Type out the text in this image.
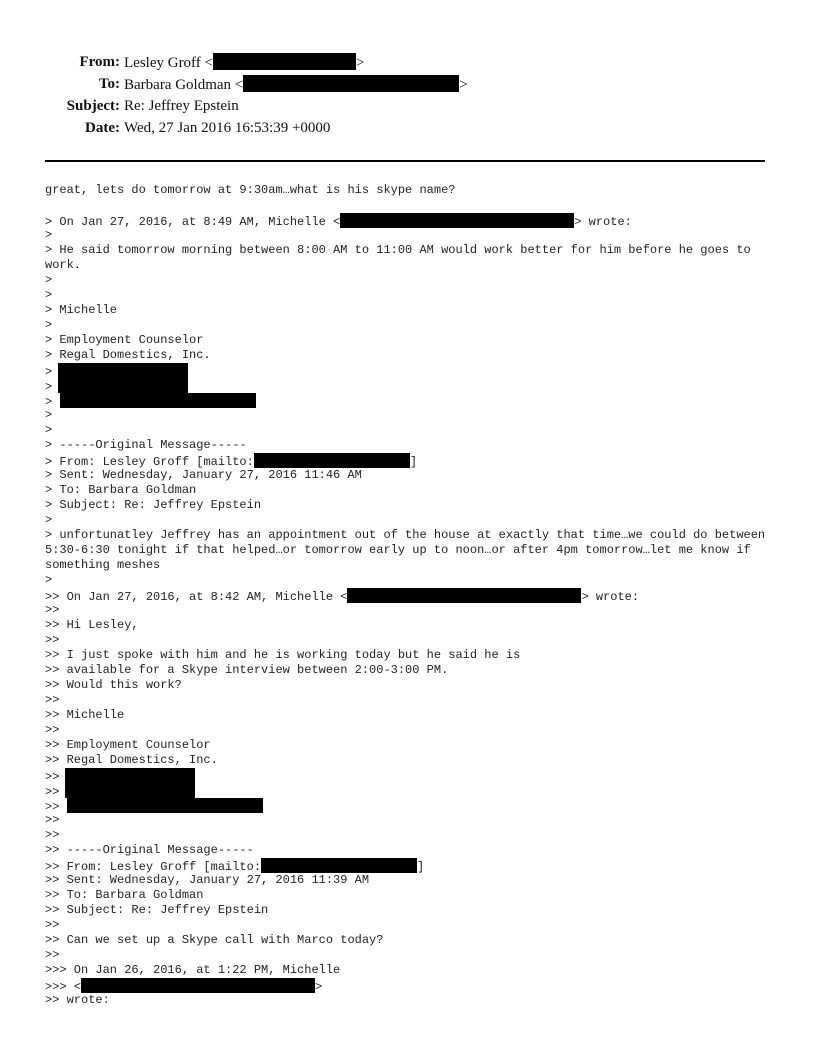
From: Lesley Groff <	>
To: Barbara Goldman <	>
Subject: Re: Jeffrey Epstein
Date: Wed, 27 Jan 2016 16:53:39 +0000
great, lets do tomorrow at 9:30am…what is his skype name?
> On Jan 27, 2016, at 8:49 AM, Michelle <	> wrote:
>
> He said tomorrow morning between 8:00 AM to 11:00 AM would work better for him before he goes to work.
>
>
> Michelle
>
> Employment Counselor
> Regal Domestics, Inc.
>
>
>
>
>
> -----Original Message-----
> From: Lesley Groff [mailto:	]
> Sent: Wednesday, January 27, 2016 11:46 AM
> To: Barbara Goldman
> Subject: Re: Jeffrey Epstein
>
> unfortunatley Jeffrey has an appointment out of the house at exactly that time…we could do between 5:30-6:30 tonight if that helped…or tomorrow early up to noon…or after 4pm tomorrow…let me know if something meshes
>
>> On Jan 27, 2016, at 8:42 AM, Michelle <	> wrote:
>>
>> Hi Lesley,
>>
>> I just spoke with him and he is working today but he said he is
>> available for a Skype interview between 2:00-3:00 PM.
>> Would this work?
>>
>> Michelle
>>
>> Employment Counselor
>> Regal Domestics, Inc.
>>
>>
>>
>>
>>
>> -----Original Message-----
>> From: Lesley Groff [mailto:	]
>> Sent: Wednesday, January 27, 2016 11:39 AM
>> To: Barbara Goldman
>> Subject: Re: Jeffrey Epstein
>>
>> Can we set up a Skype call with Marco today?
>>
>>> On Jan 26, 2016, at 1:22 PM, Michelle
>>> <	>
>> wrote:
